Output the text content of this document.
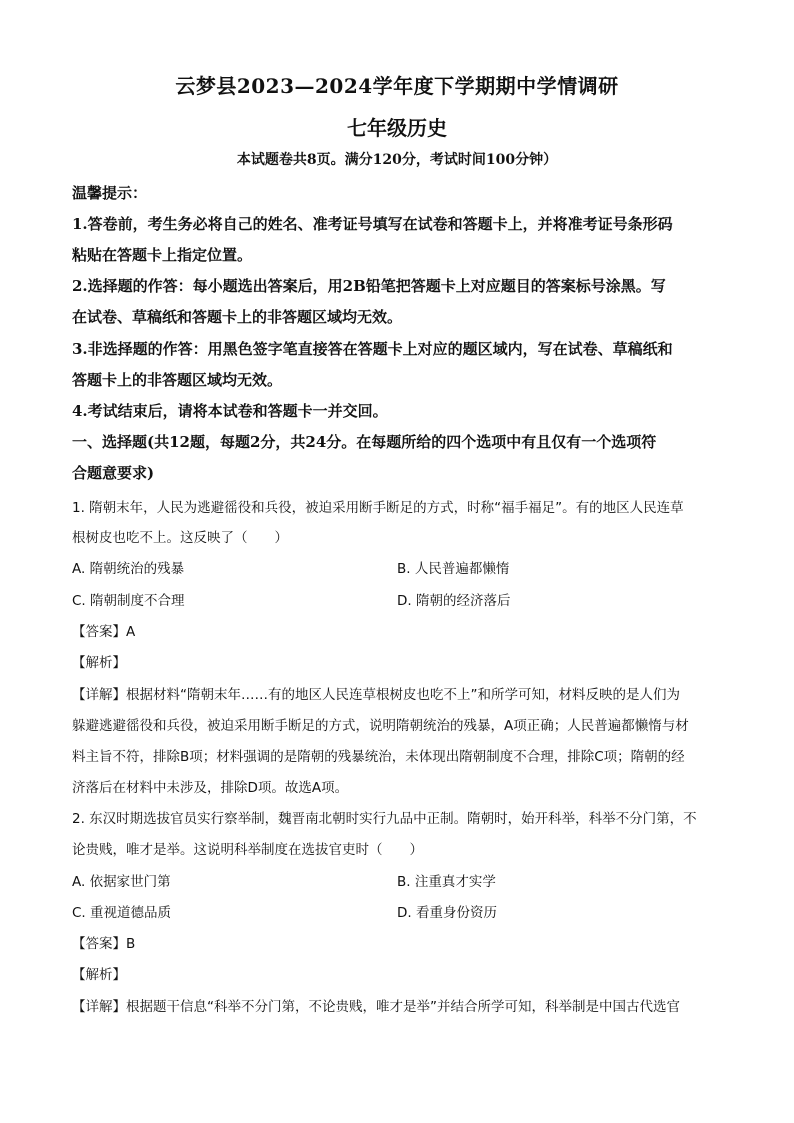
云梦县2023—2024学年度下学期期中学情调研
七年级历史
本试题卷共8页。满分120分，考试时间100分钟）
温馨提示：
1.答卷前，考生务必将自己的姓名、准考证号填写在试卷和答题卡上，并将准考证号条形码
粘贴在答题卡上指定位置。
2.选择题的作答：每小题选出答案后，用2B铅笔把答题卡上对应题目的答案标号涂黑。写
在试卷、草稿纸和答题卡上的非答题区域均无效。
3.非选择题的作答：用黑色签字笔直接答在答题卡上对应的题区域内，写在试卷、草稿纸和
答题卡上的非答题区域均无效。
4.考试结束后，请将本试卷和答题卡一并交回。
一、选择题(共12题，每题2分，共24分。在每题所给的四个选项中有且仅有一个选项符
合题意要求)
1. 隋朝末年，人民为逃避徭役和兵役，被迫采用断手断足的方式，时称“福手福足”。有的地区人民连草
根树皮也吃不上。这反映了（　　）
A. 隋朝统治的残暴	B. 人民普遍都懒惰
C. 隋朝制度不合理	D. 隋朝的经济落后
【答案】A
【解析】
【详解】根据材料“隋朝末年……有的地区人民连草根树皮也吃不上”和所学可知，材料反映的是人们为
躲避逃避徭役和兵役，被迫采用断手断足的方式，说明隋朝统治的残暴，A项正确；人民普遍都懒惰与材
料主旨不符，排除B项；材料强调的是隋朝的残暴统治，未体现出隋朝制度不合理，排除C项；隋朝的经
济落后在材料中未涉及，排除D项。故选A项。
2. 东汉时期选拔官员实行察举制，魏晋南北朝时实行九品中正制。隋朝时，始开科举，科举不分门第，不
论贵贱，唯才是举。这说明科举制度在选拔官吏时（　　）
A. 依据家世门第	B. 注重真才实学
C. 重视道德品质	D. 看重身份资历
【答案】B
【解析】
【详解】根据题干信息“科举不分门第，不论贵贱，唯才是举”并结合所学可知，科举制是中国古代选官
